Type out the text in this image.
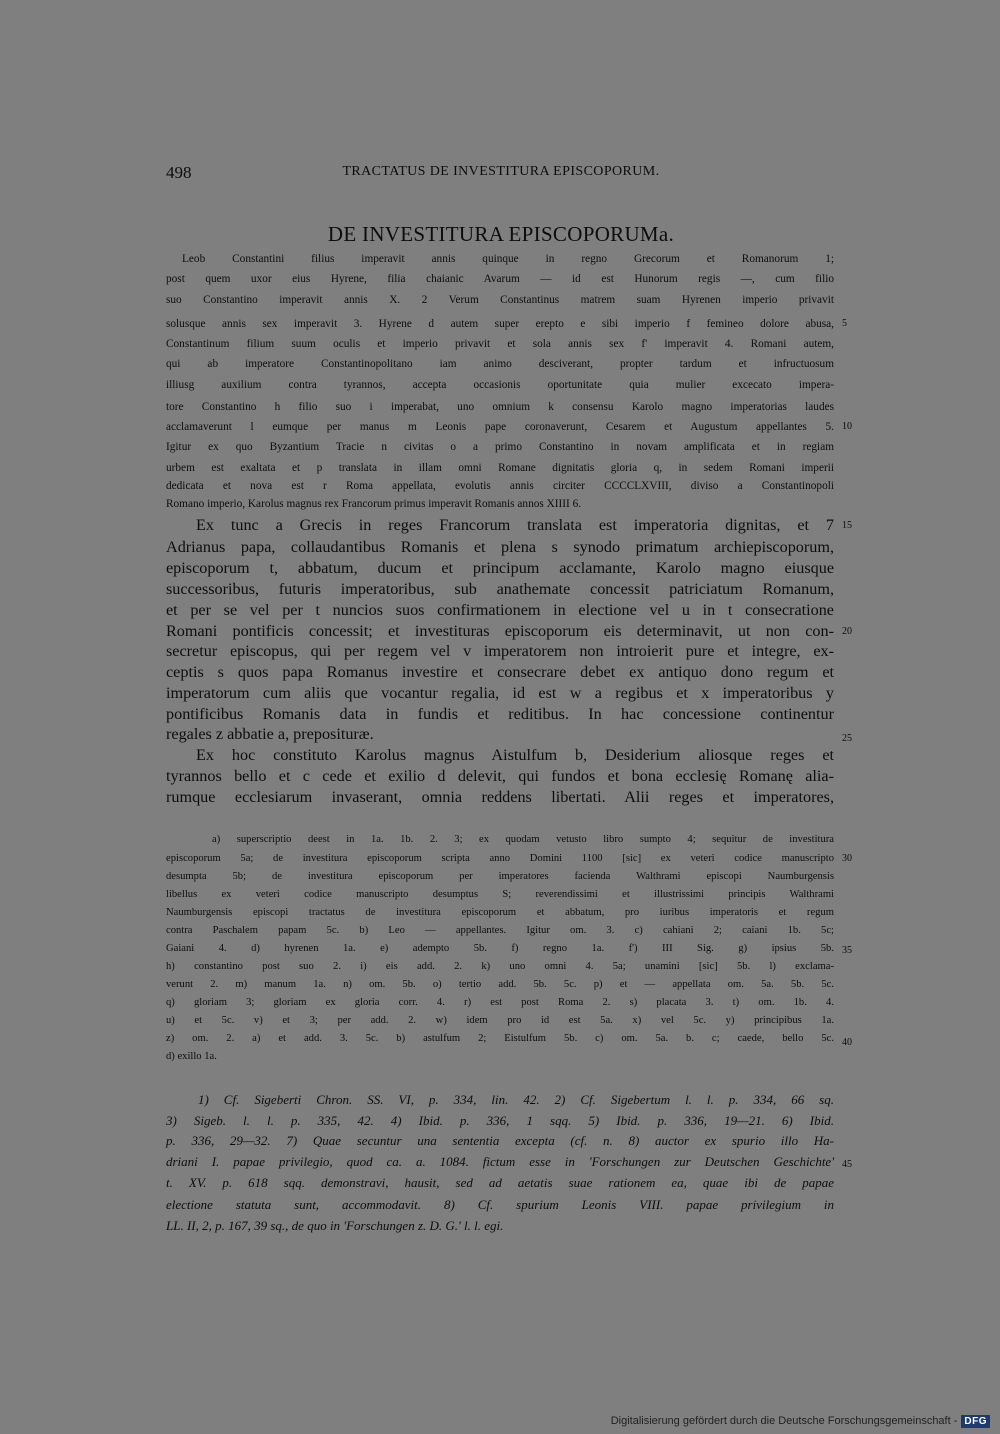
498	TRACTATUS DE INVESTITURA EPISCOPORUM.
DE INVESTITURA EPISCOPORUMa.
Leob Constantini filius imperavit annis quinque in regno Grecorum et Romanorum 1;
post quem uxor eius Hyrene, filia chaianic Avarum — id est Hunorum regis —, cum filio
suo Constantino imperavit annis X. 2 Verum Constantinus matrem suam Hyrenen imperio privavit
solusque annis sex imperavit 3. Hyrene d autem super erepto e sibi imperio f femineo dolore abusa,
Constantinum filium suum oculis et imperio privavit et sola annis sex f' imperavit 4. Romani autem,
qui ab imperatore Constantinopolitano iam animo desciverant, propter tardum et infructuosum
illiusg auxilium contra tyrannos, accepta occasionis oportunitate quia mulier excecato impera-
tore Constantino h filio suo i imperabat, uno omnium k consensu Karolo magno imperatorias laudes
acclamaverunt l eumque per manus m Leonis pape coronaverunt, Cesarem et Augustum appellantes 5.
Igitur ex quo Byzantium Tracie n civitas o a primo Constantino in novam amplificata et in regiam
urbem est exaltata et p translata in illam omni Romane dignitatis gloria q, in sedem Romani imperii
dedicata et nova est r Roma appellata, evolutis annis circiter CCCCLXVIII, diviso a Constantinopoli
Romano imperio, Karolus magnus rex Francorum primus imperavit Romanis annos XIIII 6.
Ex tunc a Grecis in reges Francorum translata est imperatoria dignitas, et 7
Adrianus papa, collaudantibus Romanis et plena s synodo primatum archiepiscoporum,
episcoporum t, abbatum, ducum et principum acclamante, Karolo magno eiusque
successoribus, futuris imperatoribus, sub anathemate concessit patriciatum Romanum,
et per se vel per t nuncios suos confirmationem in electione vel u in t consecratione
Romani pontificis concessit; et investituras episcoporum eis determinavit, ut non con-
secretur episcopus, qui per regem vel v imperatorem non introierit pure et integre, ex-
ceptis s quos papa Romanus investire et consecrare debet ex antiquo dono regum et
imperatorum cum aliis que vocantur regalia, id est w a regibus et x imperatoribus y
pontificibus Romanis data in fundis et reditibus. In hac concessione continentur
regales z abbatie a, preposituræ.
Ex hoc constituto Karolus magnus Aistulfum b, Desiderium aliosque reges et
tyrannos bello et c cede et exilio d delevit, qui fundos et bona ecclesię Romanę alia-
rumque ecclesiarum invaserant, omnia reddens libertati. Alii reges et imperatores,
a) superscriptio deest in 1a. 1b. 2. 3; ex quodam vetusto libro sumpto 4; sequitur de investitura
episcoporum 5a; de investitura episcoporum scripta anno Domini 1100 [sic] ex veteri codice manuscripto
desumpta 5b; de investitura episcoporum per imperatores facienda Walthrami episcopi Naumburgensis
libellus ex veteri codice manuscripto desumptus S; reverendissimi et illustrissimi principis Walthrami
Naumburgensis episcopi tractatus de investitura episcoporum et abbatum, pro iuribus imperatoris et regum
contra Paschalem papam 5c. b) Leo — appellantes. Igitur om. 3. c) cahiani 2; caiani 1b. 5c;
Gaiani 4. d) hyrenen 1a. e) adempto 5b. f) regno 1a. f') III Sig. g) ipsius 5b.
h) constantino post suo 2. i) eis add. 2. k) uno omni 4. 5a; unamini [sic] 5b. l) exclama-
verunt 2. m) manum 1a. n) om. 5b. o) tertio add. 5b. 5c. p) et — appellata om. 5a. 5b. 5c.
q) gloriam 3; gloriam ex gloria corr. 4. r) est post Roma 2. s) placata 3. t) om. 1b. 4.
u) et 5c. v) et 3; per add. 2. w) idem pro id est 5a. x) vel 5c. y) principibus 1a.
z) om. 2. a) et add. 3. 5c. b) astulfum 2; Eistulfum 5b. c) om. 5a. b. c; caede, bello 5c.
d) exillo 1a.
1) Cf. Sigeberti Chron. SS. VI, p. 334, lin. 42. 2) Cf. Sigebertum l. l. p. 334, 66 sq.
3) Sigeb. l. l. p. 335, 42. 4) Ibid. p. 336, 1 sqq. 5) Ibid. p. 336, 19—21. 6) Ibid.
p. 336, 29—32. 7) Quae secuntur una sententia excepta (cf. n. 8) auctor ex spurio illo Ha-
driani I. papae privilegio, quod ca. a. 1084. fictum esse in 'Forschungen zur Deutschen Geschichte'
t. XV. p. 618 sqq. demonstravi, hausit, sed ad aetatis suae rationem ea, quae ibi de papae
electione statuta sunt, accommodavit. 8) Cf. spurium Leonis VIII. papae privilegium in
LL. II, 2, p. 167, 39 sq., de quo in 'Forschungen z. D. G.' l. l. egi.
5
10
15
20
25
30
35
40
45
Digitalisierung gefördert durch die Deutsche Forschungsgemeinschaft - DFG
